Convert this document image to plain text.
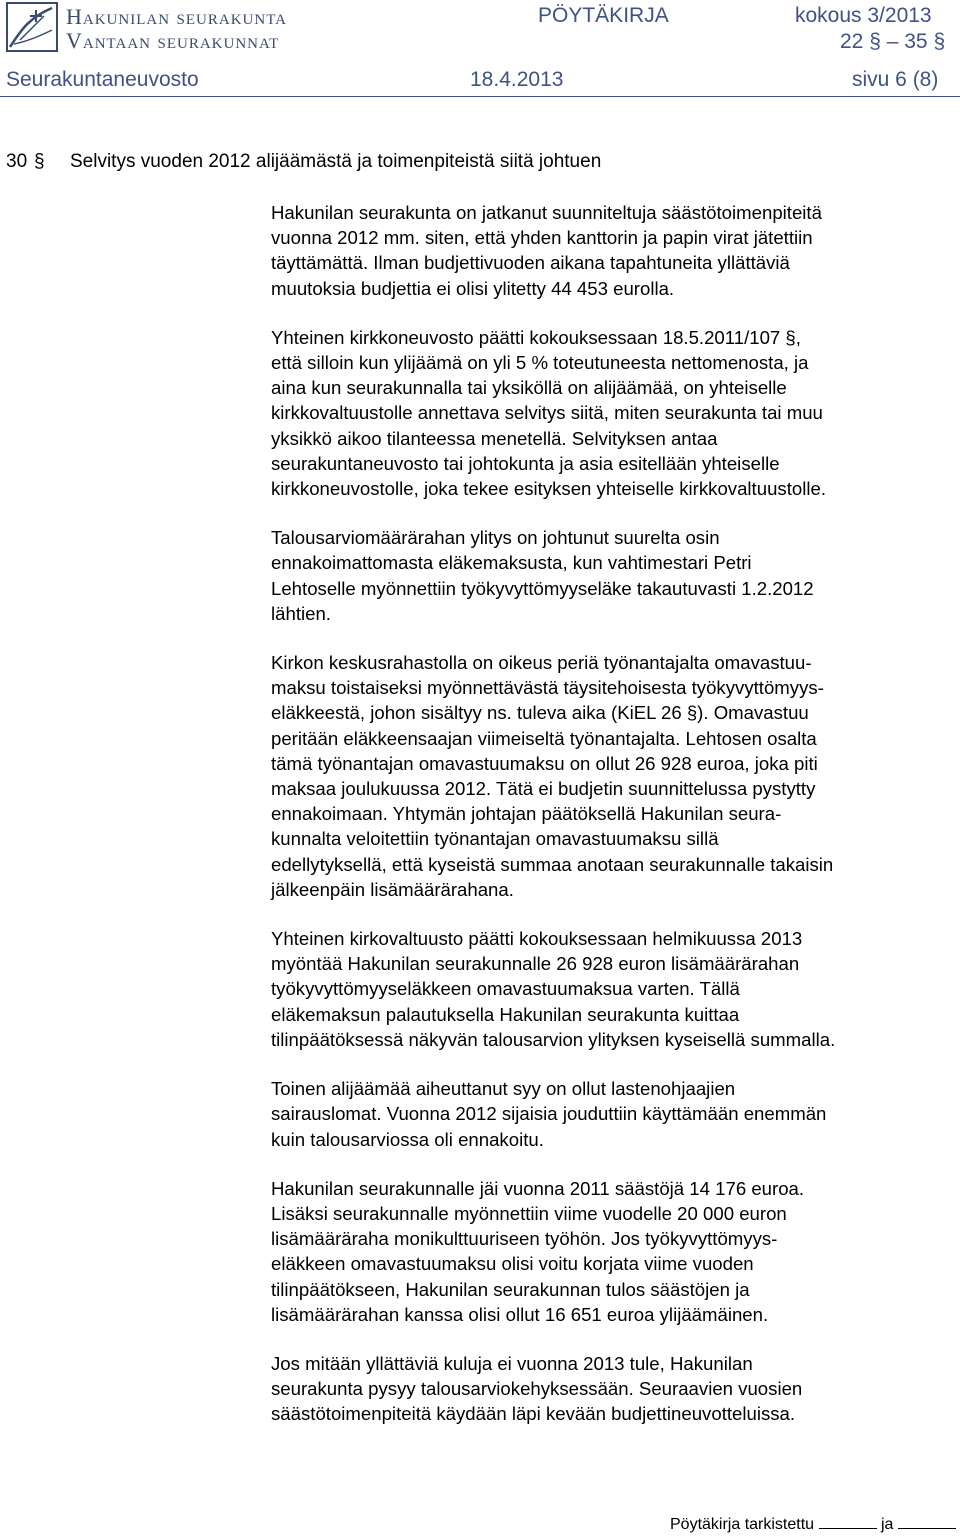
Hakunilan seurakunta
Vantaan seurakunnat
PÖYTÄKIRJA	kokous 3/2013
22 § – 35 §
Seurakuntaneuvosto	18.4.2013	sivu 6 (8)
30 § Selvitys vuoden 2012 alijäämästä ja toimenpiteistä siitä johtuen

Hakunilan seurakunta on jatkanut suunniteltuja säästötoimenpiteitä
vuonna 2012 mm. siten, että yhden kanttorin ja papin virat jätettiin
täyttämättä. Ilman budjettivuoden aikana tapahtuneita yllättäviä
muutoksia budjettia ei olisi ylitetty 44 453 eurolla.

Yhteinen kirkkoneuvosto päätti kokouksessaan 18.5.2011/107 §,
että silloin kun ylijäämä on yli 5 % toteutuneesta nettomenosta, ja
aina kun seurakunnalla tai yksiköllä on alijäämää, on yhteiselle
kirkkovaltuustolle annettava selvitys siitä, miten seurakunta tai muu
yksikkö aikoo tilanteessa menetellä. Selvityksen antaa
seurakuntaneuvosto tai johtokunta ja asia esitellään yhteiselle
kirkkoneuvostolle, joka tekee esityksen yhteiselle kirkkovaltuustolle.

Talousarviomäärärahan ylitys on johtunut suurelta osin
ennakoimattomasta eläkemaksusta, kun vahtimestari Petri
Lehtoselle myönnettiin työkyvyttömyyseläke takautuvasti 1.2.2012
lähtien.

Kirkon keskusrahastolla on oikeus periä työnantajalta omavastuu-
maksu toistaiseksi myönnettävästä täysitehoisesta työkyvyttömyys-
eläkkeestä, johon sisältyy ns. tuleva aika (KiEL 26 §). Omavastuu
peritään eläkkeensaajan viimeiseltä työnantajalta. Lehtosen osalta
tämä työnantajan omavastuumaksu on ollut 26 928 euroa, joka piti
maksaa joulukuussa 2012. Tätä ei budjetin suunnittelussa pystytty
ennakoimaan. Yhtymän johtajan päätöksellä Hakunilan seura-
kunnalta veloitettiin työnantajan omavastuumaksu sillä
edellytyksellä, että kyseistä summaa anotaan seurakunnalle takaisin
jälkeenpäin lisämäärärahana.

Yhteinen kirkovaltuusto päätti kokouksessaan helmikuussa 2013
myöntää Hakunilan seurakunnalle 26 928 euron lisämäärärahan
työkyvyttömyyseläkkeen omavastuumaksua varten. Tällä
eläkemaksun palautuksella Hakunilan seurakunta kuittaa
tilinpäätöksessä näkyvän talousarvion ylityksen kyseisellä summalla.

Toinen alijäämää aiheuttanut syy on ollut lastenohjaajien
sairauslomat. Vuonna 2012 sijaisia jouduttiin käyttämään enemmän
kuin talousarviossa oli ennakoitu.

Hakunilan seurakunnalle jäi vuonna 2011 säästöjä 14 176 euroa.
Lisäksi seurakunnalle myönnettiin viime vuodelle 20 000 euron
lisämääräraha monikulttuuriseen työhön. Jos työkyvyttömyys-
eläkkeen omavastuumaksu olisi voitu korjata viime vuoden
tilinpäätökseen, Hakunilan seurakunnan tulos säästöjen ja
lisämäärärahan kanssa olisi ollut 16 651 euroa ylijäämäinen.

Jos mitään yllättäviä kuluja ei vuonna 2013 tule, Hakunilan
seurakunta pysyy talousarviokehyksessään. Seuraavien vuosien
säästötoimenpiteitä käydään läpi kevään budjettineuvotteluissa.

Pöytäkirja tarkistettu	ja
